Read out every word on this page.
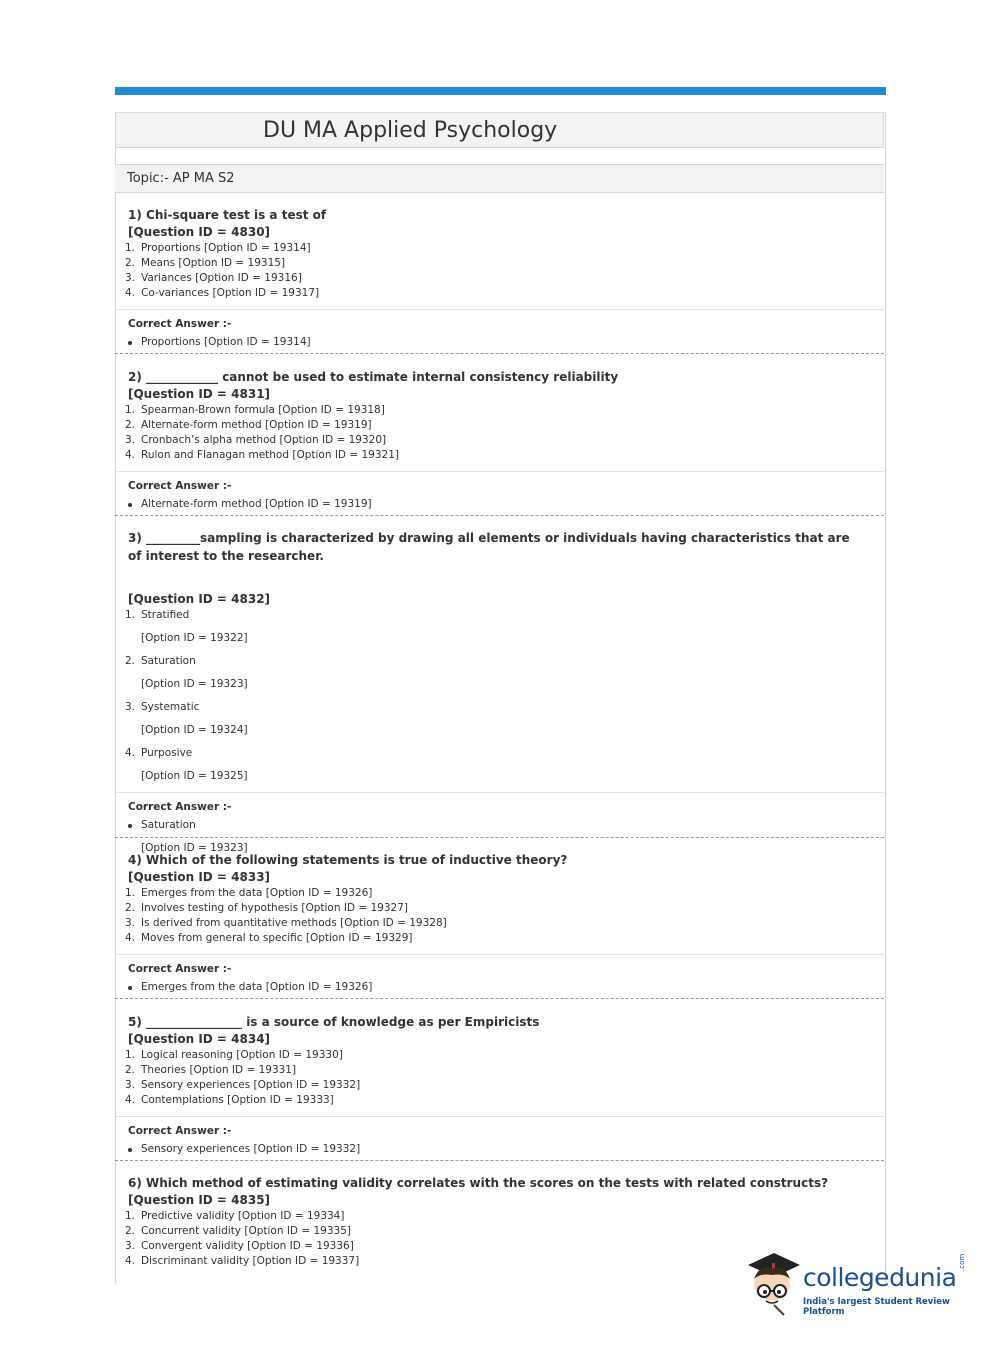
DU MA Applied Psychology
Topic:- AP MA S2
1) Chi-square test is a test of
[Question ID = 4830]
1. Proportions [Option ID = 19314]
2. Means [Option ID = 19315]
3. Variances [Option ID = 19316]
4. Co-variances [Option ID = 19317]
Correct Answer :-
Proportions [Option ID = 19314]
2) ____________ cannot be used to estimate internal consistency reliability
[Question ID = 4831]
1. Spearman-Brown formula [Option ID = 19318]
2. Alternate-form method [Option ID = 19319]
3. Cronbach’s alpha method [Option ID = 19320]
4. Rulon and Flanagan method [Option ID = 19321]
Correct Answer :-
Alternate-form method [Option ID = 19319]
3) _________sampling is characterized by drawing all elements or individuals having characteristics that are of interest to the researcher.
[Question ID = 4832]
1. Stratified
[Option ID = 19322]
2. Saturation
[Option ID = 19323]
3. Systematic
[Option ID = 19324]
4. Purposive
[Option ID = 19325]
Correct Answer :-
Saturation
[Option ID = 19323]
4) Which of the following statements is true of inductive theory?
[Question ID = 4833]
1. Emerges from the data [Option ID = 19326]
2. Involves testing of hypothesis [Option ID = 19327]
3. Is derived from quantitative methods [Option ID = 19328]
4. Moves from general to specific [Option ID = 19329]
Correct Answer :-
Emerges from the data [Option ID = 19326]
5) ________________ is a source of knowledge as per Empiricists
[Question ID = 4834]
1. Logical reasoning [Option ID = 19330]
2. Theories [Option ID = 19331]
3. Sensory experiences [Option ID = 19332]
4. Contemplations [Option ID = 19333]
Correct Answer :-
Sensory experiences [Option ID = 19332]
6) Which method of estimating validity correlates with the scores on the tests with related constructs?
[Question ID = 4835]
1. Predictive validity [Option ID = 19334]
2. Concurrent validity [Option ID = 19335]
3. Convergent validity [Option ID = 19336]
4. Discriminant validity [Option ID = 19337]
collegedunia
.com
India's largest Student Review Platform
